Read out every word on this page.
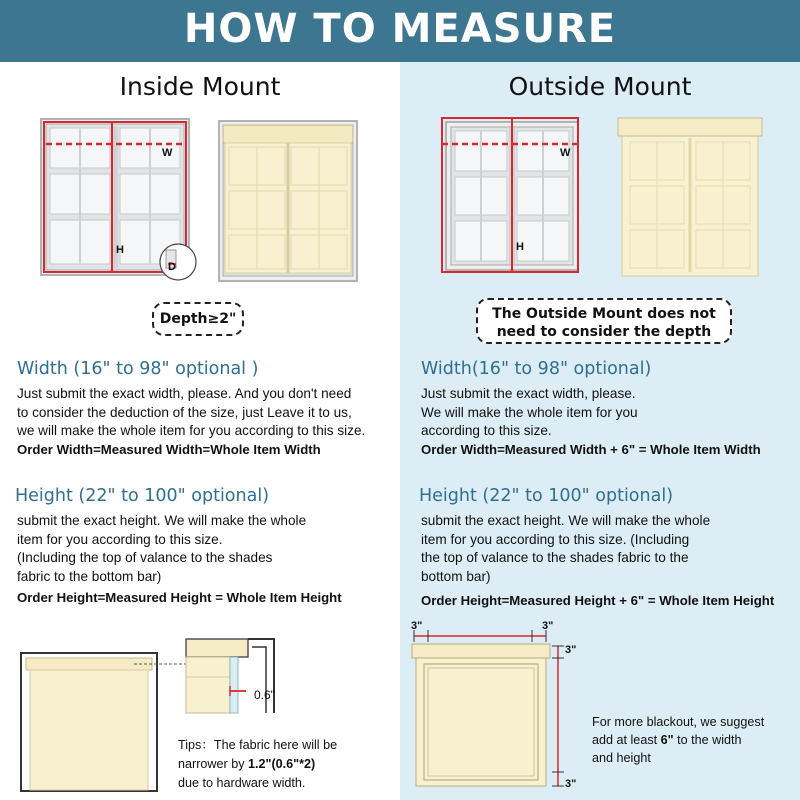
HOW TO MEASURE
Inside Mount	Outside Mount
W
H
D
Depth≥2"
W
H
The Outside Mount does not
need to consider the depth
Width (16" to 98" optional )
Just submit the exact width, please. And you don't need
to consider the deduction of the size, just Leave it to us,
we will make the whole item for you according to this size.
Order Width=Measured Width=Whole Item Width
Height (22" to 100" optional)
submit the exact height. We will make the whole
item for you according to this size.
(Including the top of valance to the shades
fabric to the bottom bar)
Order Height=Measured Height = Whole Item Height
Width(16" to 98" optional)
Just submit the exact width, please.
We will make the whole item for you
according to this size.
Order Width=Measured Width + 6" = Whole Item Width
Height (22" to 100" optional)
submit the exact height. We will make the whole
item for you according to this size. (Including
the top of valance to the shades fabric to the
bottom bar)
Order Height=Measured Height + 6" = Whole Item Height
0.6"
Tips：The fabric here will be
narrower by 1.2"(0.6"*2)
due to hardware width.
3"	3"
3"
3"
For more blackout, we suggest
add at least 6" to the width
and height
